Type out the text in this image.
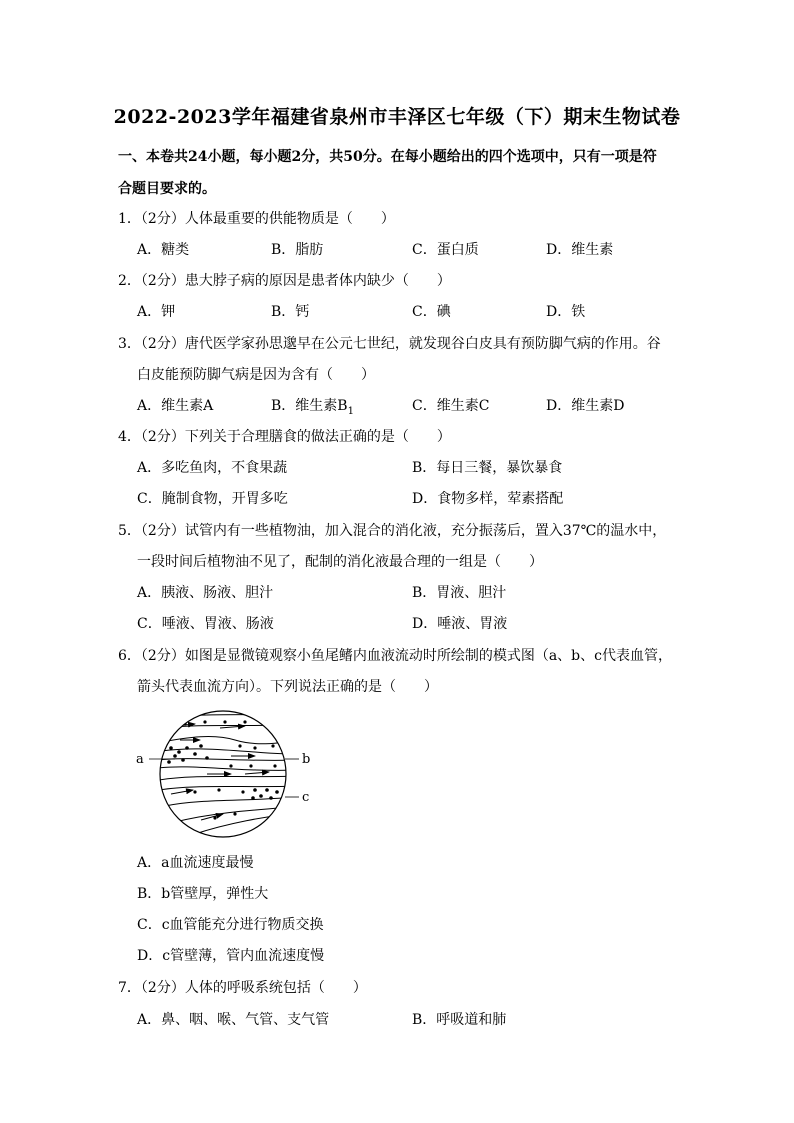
2022-2023学年福建省泉州市丰泽区七年级（下）期末生物试卷
一、本卷共24小题，每小题2分，共50分。在每小题给出的四个选项中，只有一项是符
合题目要求的。
1．（2分）人体最重要的供能物质是（　　）
A．糖类	B．脂肪	C．蛋白质	D．维生素
2．（2分）患大脖子病的原因是患者体内缺少（　　）
A．钾	B．钙	C．碘	D．铁
3．（2分）唐代医学家孙思邈早在公元七世纪，就发现谷白皮具有预防脚气病的作用。谷
白皮能预防脚气病是因为含有（　　）
A．维生素A	B．维生素$B_1$	C．维生素C	D．维生素D
4．（2分）下列关于合理膳食的做法正确的是（　　）
A．多吃鱼肉，不食果蔬	B．每日三餐，暴饮暴食
C．腌制食物，开胃多吃	D．食物多样，荤素搭配
5．（2分）试管内有一些植物油，加入混合的消化液，充分振荡后，置入37℃的温水中，
一段时间后植物油不见了，配制的消化液最合理的一组是（　　）
A．胰液、肠液、胆汁	B．胃液、胆汁
C．唾液、胃液、肠液	D．唾液、胃液
6．（2分）如图是显微镜观察小鱼尾鳍内血液流动时所绘制的模式图（a、b、c代表血管，
箭头代表血流方向）。下列说法正确的是（　　）
a	b
c
A．a血流速度最慢
B．b管壁厚，弹性大
C．c血管能充分进行物质交换
D．c管壁薄，管内血流速度慢
7．（2分）人体的呼吸系统包括（　　）
A．鼻、咽、喉、气管、支气管	B．呼吸道和肺
